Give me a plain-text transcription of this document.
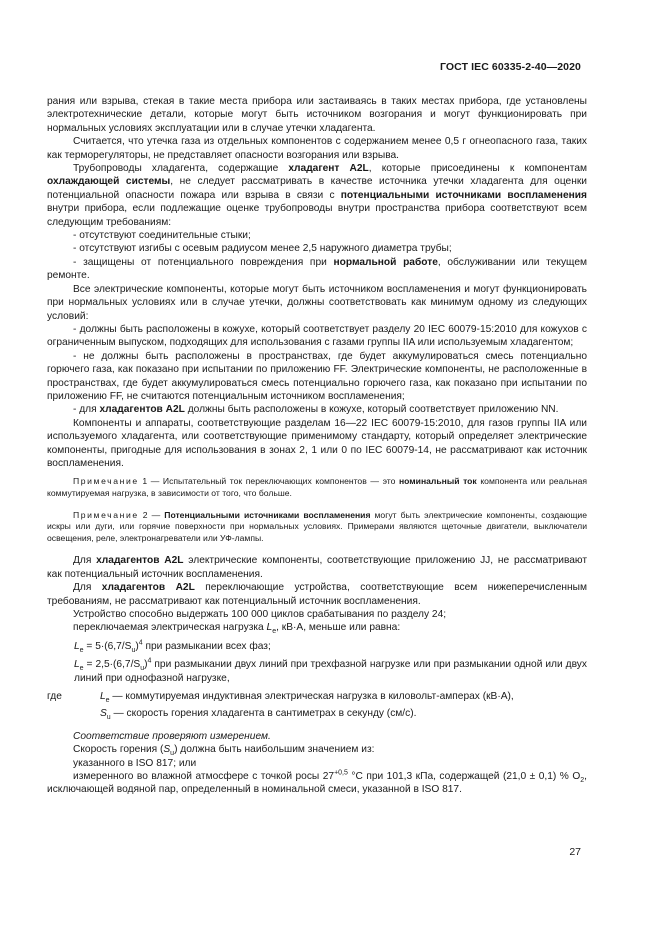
ГОСТ IEC 60335-2-40—2020

рания или взрыва, стекая в такие места прибора или застаиваясь в таких местах прибора, где установлены электротехнические детали, которые могут быть источником возгорания и могут функционировать при нормальных условиях эксплуатации или в случае утечки хладагента.

Считается, что утечка газа из отдельных компонентов с содержанием менее 0,5 г огнеопасного газа, таких как терморегуляторы, не представляет опасности возгорания или взрыва.

Трубопроводы хладагента, содержащие хладагент A2L, которые присоединены к компонентам охлаждающей системы, не следует рассматривать в качестве источника утечки хладагента для оценки потенциальной опасности пожара или взрыва в связи с потенциальными источниками воспламенения внутри прибора, если подлежащие оценке трубопроводы внутри пространства прибора соответствуют всем следующим требованиям:

- отсутствуют соединительные стыки;

- отсутствуют изгибы с осевым радиусом менее 2,5 наружного диаметра трубы;

- защищены от потенциального повреждения при нормальной работе, обслуживании или текущем ремонте.

Все электрические компоненты, которые могут быть источником воспламенения и могут функционировать при нормальных условиях или в случае утечки, должны соответствовать как минимум одному из следующих условий:

- должны быть расположены в кожухе, который соответствует разделу 20 IEC 60079-15:2010 для кожухов с ограниченным выпуском, подходящих для использования с газами группы IIA или используемым хладагентом;

- не должны быть расположены в пространствах, где будет аккумулироваться смесь потенциально горючего газа, как показано при испытании по приложению FF. Электрические компоненты, не расположенные в пространствах, где будет аккумулироваться смесь потенциально горючего газа, как показано при испытании по приложению FF, не считаются потенциальным источником воспламенения;

- для хладагентов A2L должны быть расположены в кожухе, который соответствует приложению NN.

Компоненты и аппараты, соответствующие разделам 16—22 IEC 60079-15:2010, для газов группы IIA или используемого хладагента, или соответствующие применимому стандарту, который определяет электрические компоненты, пригодные для использования в зонах 2, 1 или 0 по IEC 60079-14, не рассматривают как источник воспламенения.

Примечание 1 — Испытательный ток переключающих компонентов — это номинальный ток компонента или реальная коммутируемая нагрузка, в зависимости от того, что больше.

Примечание 2 — Потенциальными источниками воспламенения могут быть электрические компоненты, создающие искры или дуги, или горячие поверхности при нормальных условиях. Примерами являются щеточные двигатели, выключатели освещения, реле, электронагреватели или УФ-лампы.

Для хладагентов A2L электрические компоненты, соответствующие приложению JJ, не рассматривают как потенциальный источник воспламенения.

Для хладагентов A2L переключающие устройства, соответствующие всем нижеперечисленным требованиям, не рассматривают как потенциальный источник воспламенения.

Устройство способно выдержать 100 000 циклов срабатывания по разделу 24;

переключаемая электрическая нагрузка $L_e$, кВ·А, меньше или равна:

$L_e = 5\cdot(6,7/S_u)^4$ при размыкании всех фаз;

$L_e = 2,5\cdot(6,7/S_u)^4$ при размыкании двух линий при трехфазной нагрузке или при размыкании одной или двух линий при однофазной нагрузке,

где	$L_e$ — коммутируемая индуктивная электрическая нагрузка в киловольт-амперах (кВ·А),

$S_u$ — скорость горения хладагента в сантиметрах в секунду (см/с).

Соответствие проверяют измерением.

Скорость горения $(S_u)$ должна быть наибольшим значением из:

указанного в ISO 817; или

измеренного во влажной атмосфере с точкой росы $27^{+0,5}$ °С при 101,3 кПа, содержащей (21,0 ± 0,1) % $O_2$, исключающей водяной пар, определенный в номинальной смеси, указанной в ISO 817.

27
